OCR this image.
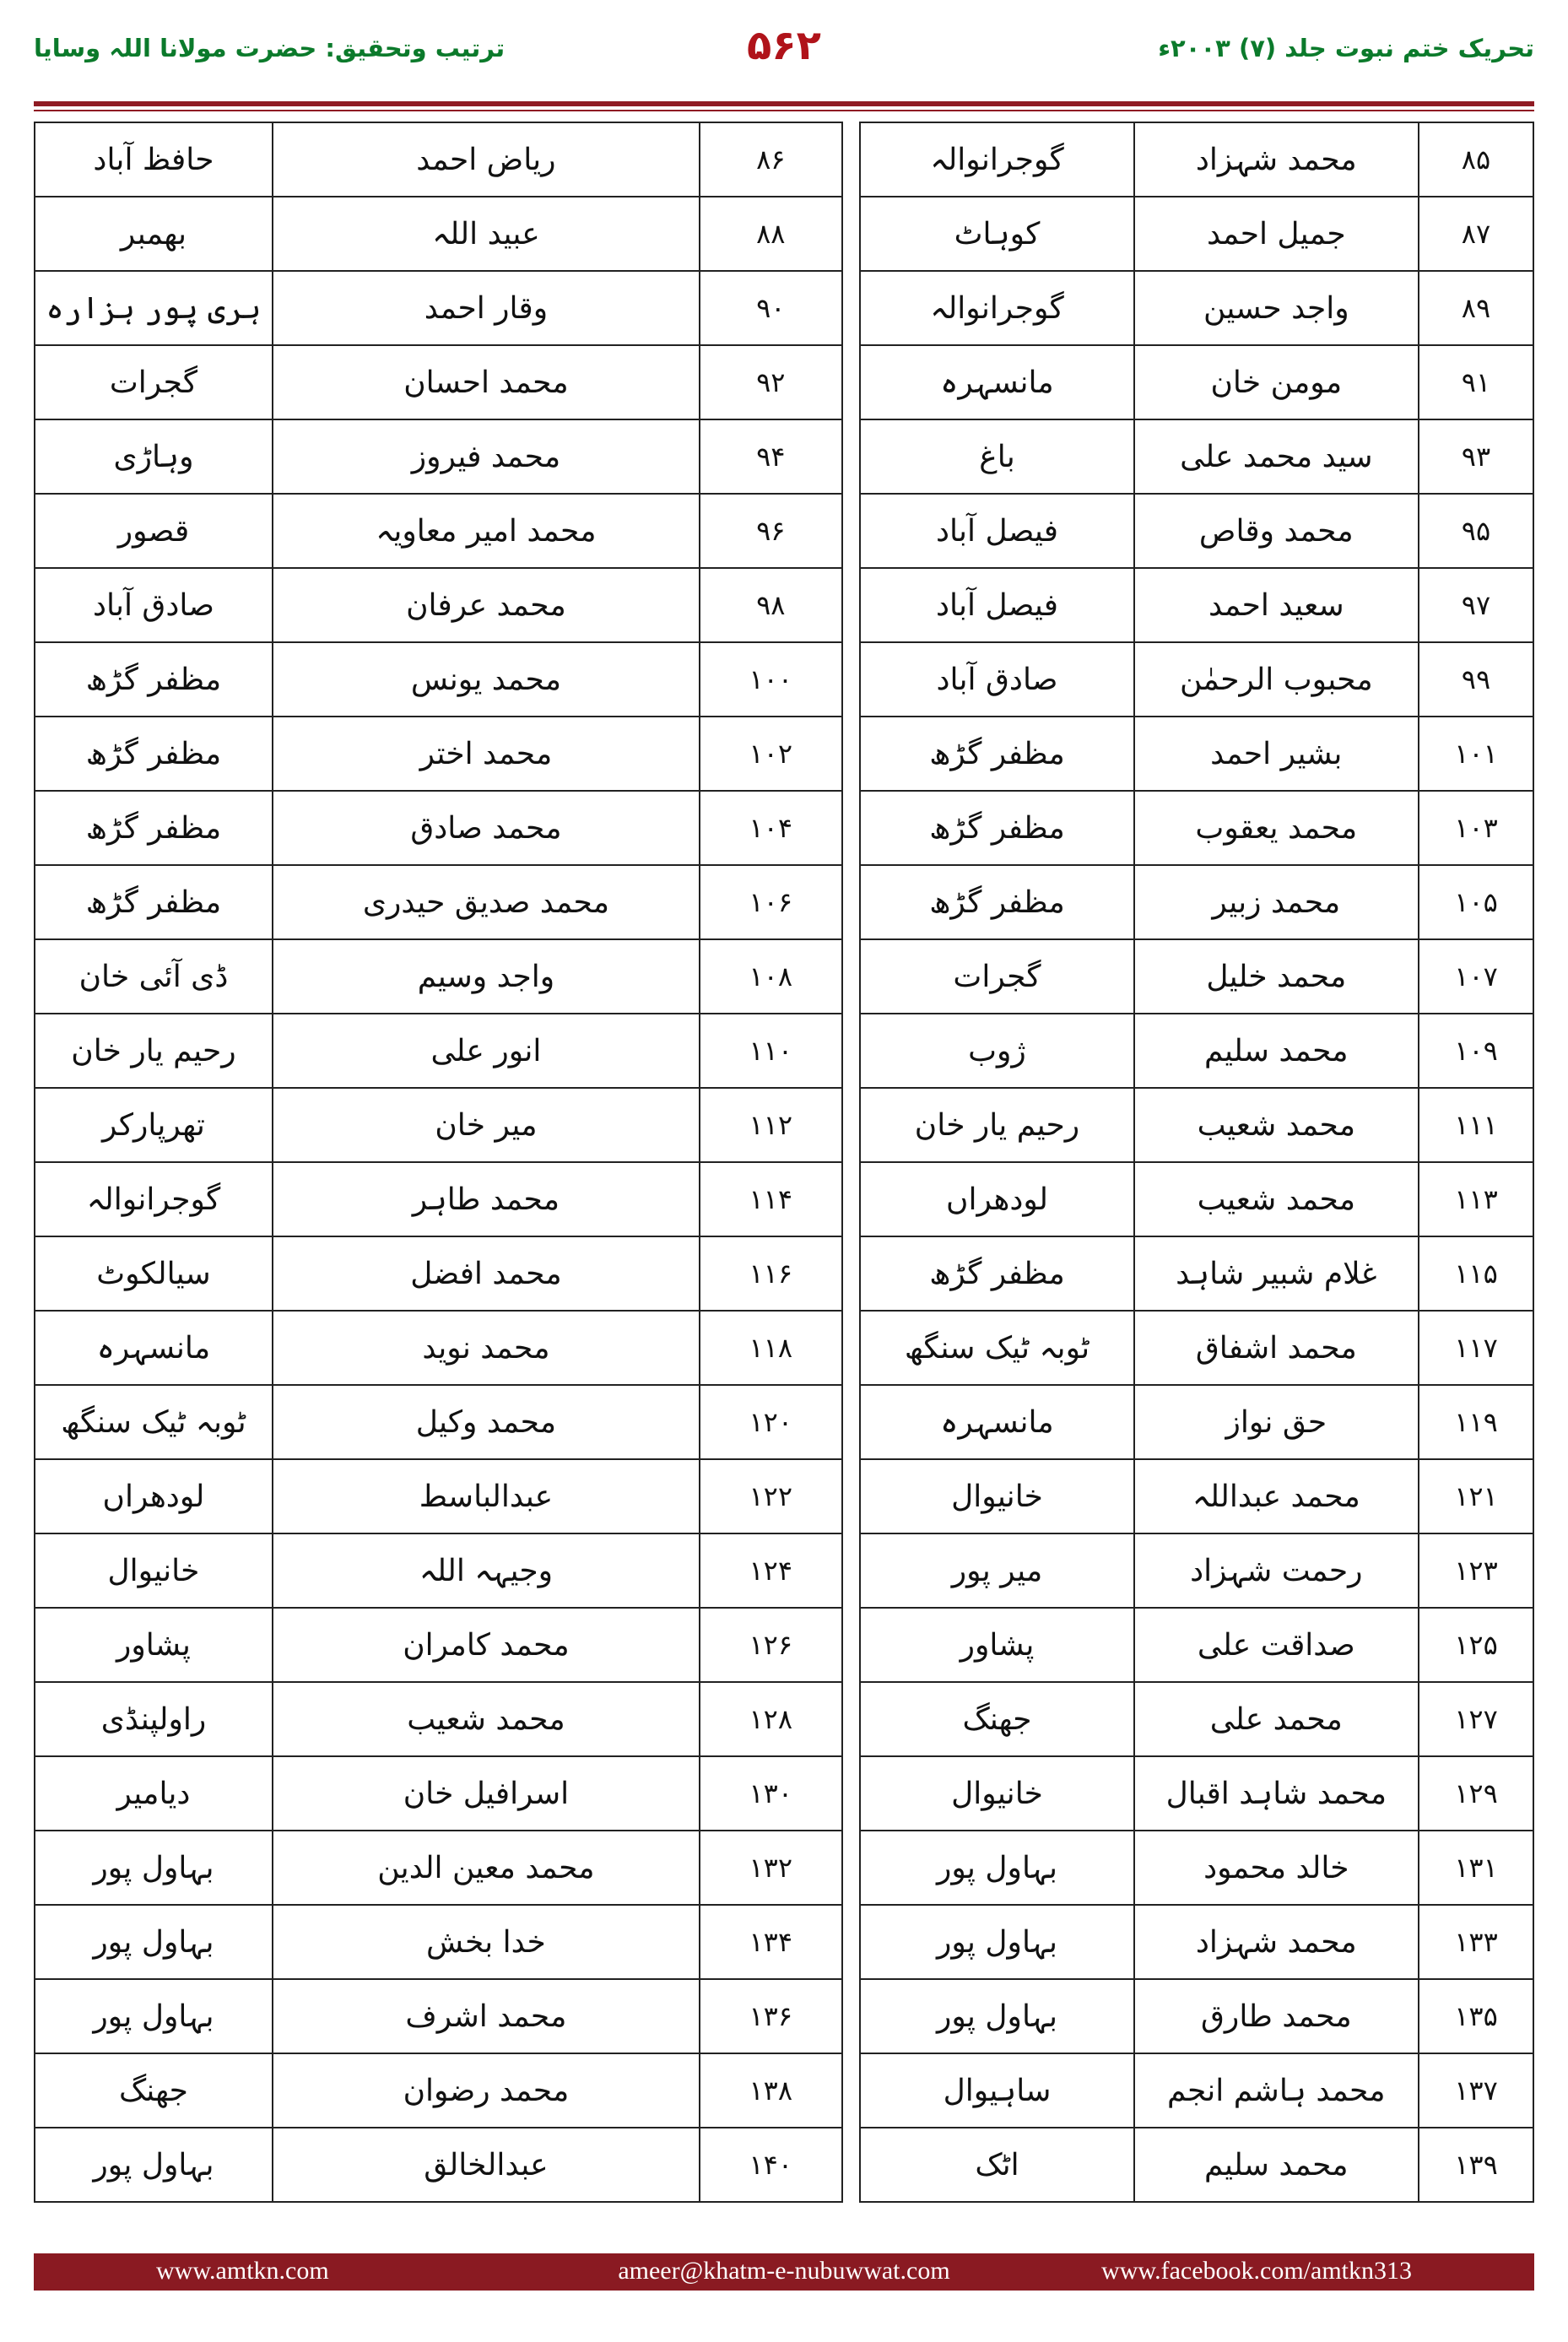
ترتیب وتحقیق: حضرت مولانا اللہ وسایا	۵۶۲	تحریک ختم نبوت جلد (۷) ۲۰۰۳ء
۸۵	محمد شہزاد	گوجرانوالہ		۸۶	ریاض احمد	حافظ آباد
۸۷	جمیل احمد	کوہاٹ		۸۸	عبید اللہ	بھمبر
۸۹	واجد حسین	گوجرانوالہ		۹۰	وقار احمد	ہری پور ہزارہ
۹۱	مومن خان	مانسہرہ		۹۲	محمد احسان	گجرات
۹۳	سید محمد علی	باغ		۹۴	محمد فیروز	وہاڑی
۹۵	محمد وقاص	فیصل آباد		۹۶	محمد امیر معاویہ	قصور
۹۷	سعید احمد	فیصل آباد		۹۸	محمد عرفان	صادق آباد
۹۹	محبوب الرحمٰن	صادق آباد		۱۰۰	محمد یونس	مظفر گڑھ
۱۰۱	بشیر احمد	مظفر گڑھ		۱۰۲	محمد اختر	مظفر گڑھ
۱۰۳	محمد یعقوب	مظفر گڑھ		۱۰۴	محمد صادق	مظفر گڑھ
۱۰۵	محمد زبیر	مظفر گڑھ		۱۰۶	محمد صدیق حیدری	مظفر گڑھ
۱۰۷	محمد خلیل	گجرات		۱۰۸	واجد وسیم	ڈی آئی خان
۱۰۹	محمد سلیم	ژوب		۱۱۰	انور علی	رحیم یار خان
۱۱۱	محمد شعیب	رحیم یار خان		۱۱۲	میر خان	تھرپارکر
۱۱۳	محمد شعیب	لودھراں		۱۱۴	محمد طاہر	گوجرانوالہ
۱۱۵	غلام شبیر شاہد	مظفر گڑھ		۱۱۶	محمد افضل	سیالکوٹ
۱۱۷	محمد اشفاق	ٹوبہ ٹیک سنگھ		۱۱۸	محمد نوید	مانسہرہ
۱۱۹	حق نواز	مانسہرہ		۱۲۰	محمد وکیل	ٹوبہ ٹیک سنگھ
۱۲۱	محمد عبداللہ	خانیوال		۱۲۲	عبدالباسط	لودھراں
۱۲۳	رحمت شہزاد	میر پور		۱۲۴	وجیہہ اللہ	خانیوال
۱۲۵	صداقت علی	پشاور		۱۲۶	محمد کامران	پشاور
۱۲۷	محمد علی	جھنگ		۱۲۸	محمد شعیب	راولپنڈی
۱۲۹	محمد شاہد اقبال	خانیوال		۱۳۰	اسرافیل خان	دیامیر
۱۳۱	خالد محمود	بہاول پور		۱۳۲	محمد معین الدین	بہاول پور
۱۳۳	محمد شہزاد	بہاول پور		۱۳۴	خدا بخش	بہاول پور
۱۳۵	محمد طارق	بہاول پور		۱۳۶	محمد اشرف	بہاول پور
۱۳۷	محمد ہاشم انجم	ساہیوال		۱۳۸	محمد رضوان	جھنگ
۱۳۹	محمد سلیم	اٹک		۱۴۰	عبدالخالق	بہاول پور
www.amtkn.com	ameer@khatm-e-nubuwwat.com	www.facebook.com/amtkn313
